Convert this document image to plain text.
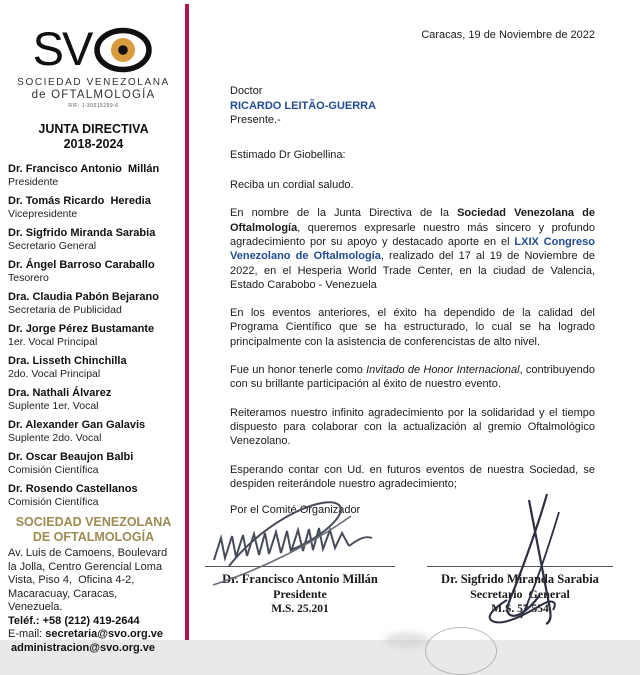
SV
SOCIEDAD VENEZOLANA
de OFTALMOLOGÍA
RIF: J-30015259-6
JUNTA DIRECTIVA
2018-2024
Dr. Francisco Antonio  Millán
Presidente
Dr. Tomás Ricardo  Heredia
Vicepresidente
Dr. Sigfrido Miranda Sarabia
Secretario General
Dr. Ángel Barroso Caraballo
Tesorero
Dra. Claudia Pabón Bejarano
Secretaria de Publicidad
Dr. Jorge Pérez Bustamante
1er. Vocal Principal
Dra. Lisseth Chinchilla
2do. Vocal Principal
Dra. Nathali Álvarez
Suplente 1er. Vocal
Dr. Alexander Gan Galavis
Suplente 2do. Vocal
Dr. Oscar Beaujon Balbi
Comisión Científica
Dr. Rosendo Castellanos
Comisión Científica
SOCIEDAD VENEZOLANA
DE OFTALMOLOGÍA
Av. Luis de Camoens, Boulevard
la Jolla, Centro Gerencial Loma
Vista, Piso 4,  Oficina 4-2,
Macaracuay, Caracas,
Venezuela.
Teléf.: +58 (212) 419-2644
E-mail: secretaria@svo.org.ve
administracion@svo.org.ve
Caracas, 19 de Noviembre de 2022
Doctor
RICARDO LEITÃO-GUERRA
Presente.-

Estimado Dr Giobellina:

Reciba un cordial saludo.

En nombre de la Junta Directiva de la Sociedad Venezolana de Oftalmología, queremos expresarle nuestro más sincero y profundo agradecimiento por su apoyo y destacado aporte en el LXIX Congreso Venezolano de Oftalmología, realizado del 17 al 19 de Noviembre de 2022, en el Hesperia World Trade Center, en la ciudad de Valencia, Estado Carabobo - Venezuela

En los eventos anteriores, el éxito ha dependido de la calidad del Programa Científico que se ha estructurado, lo cual se ha logrado principalmente con la asistencia de conferencistas de alto nivel.

Fue un honor tenerle como Invitado de Honor Internacional, contribuyendo con su brillante participación al éxito de nuestro evento.

Reiteramos nuestro infinito agradecimiento por la solidaridad y el tiempo dispuesto para colaborar con la actualización al gremio Oftalmológico Venezolano.

Esperando contar con Ud. en futuros eventos de nuestra Sociedad, se despiden reiterándole nuestro agradecimiento;

Por el Comité Organizador

Dr. Francisco Antonio Millán
Presidente
M.S. 25.201
Dr. Sigfrido Miranda Sarabia
Secretario  General
M.S. 57.554
